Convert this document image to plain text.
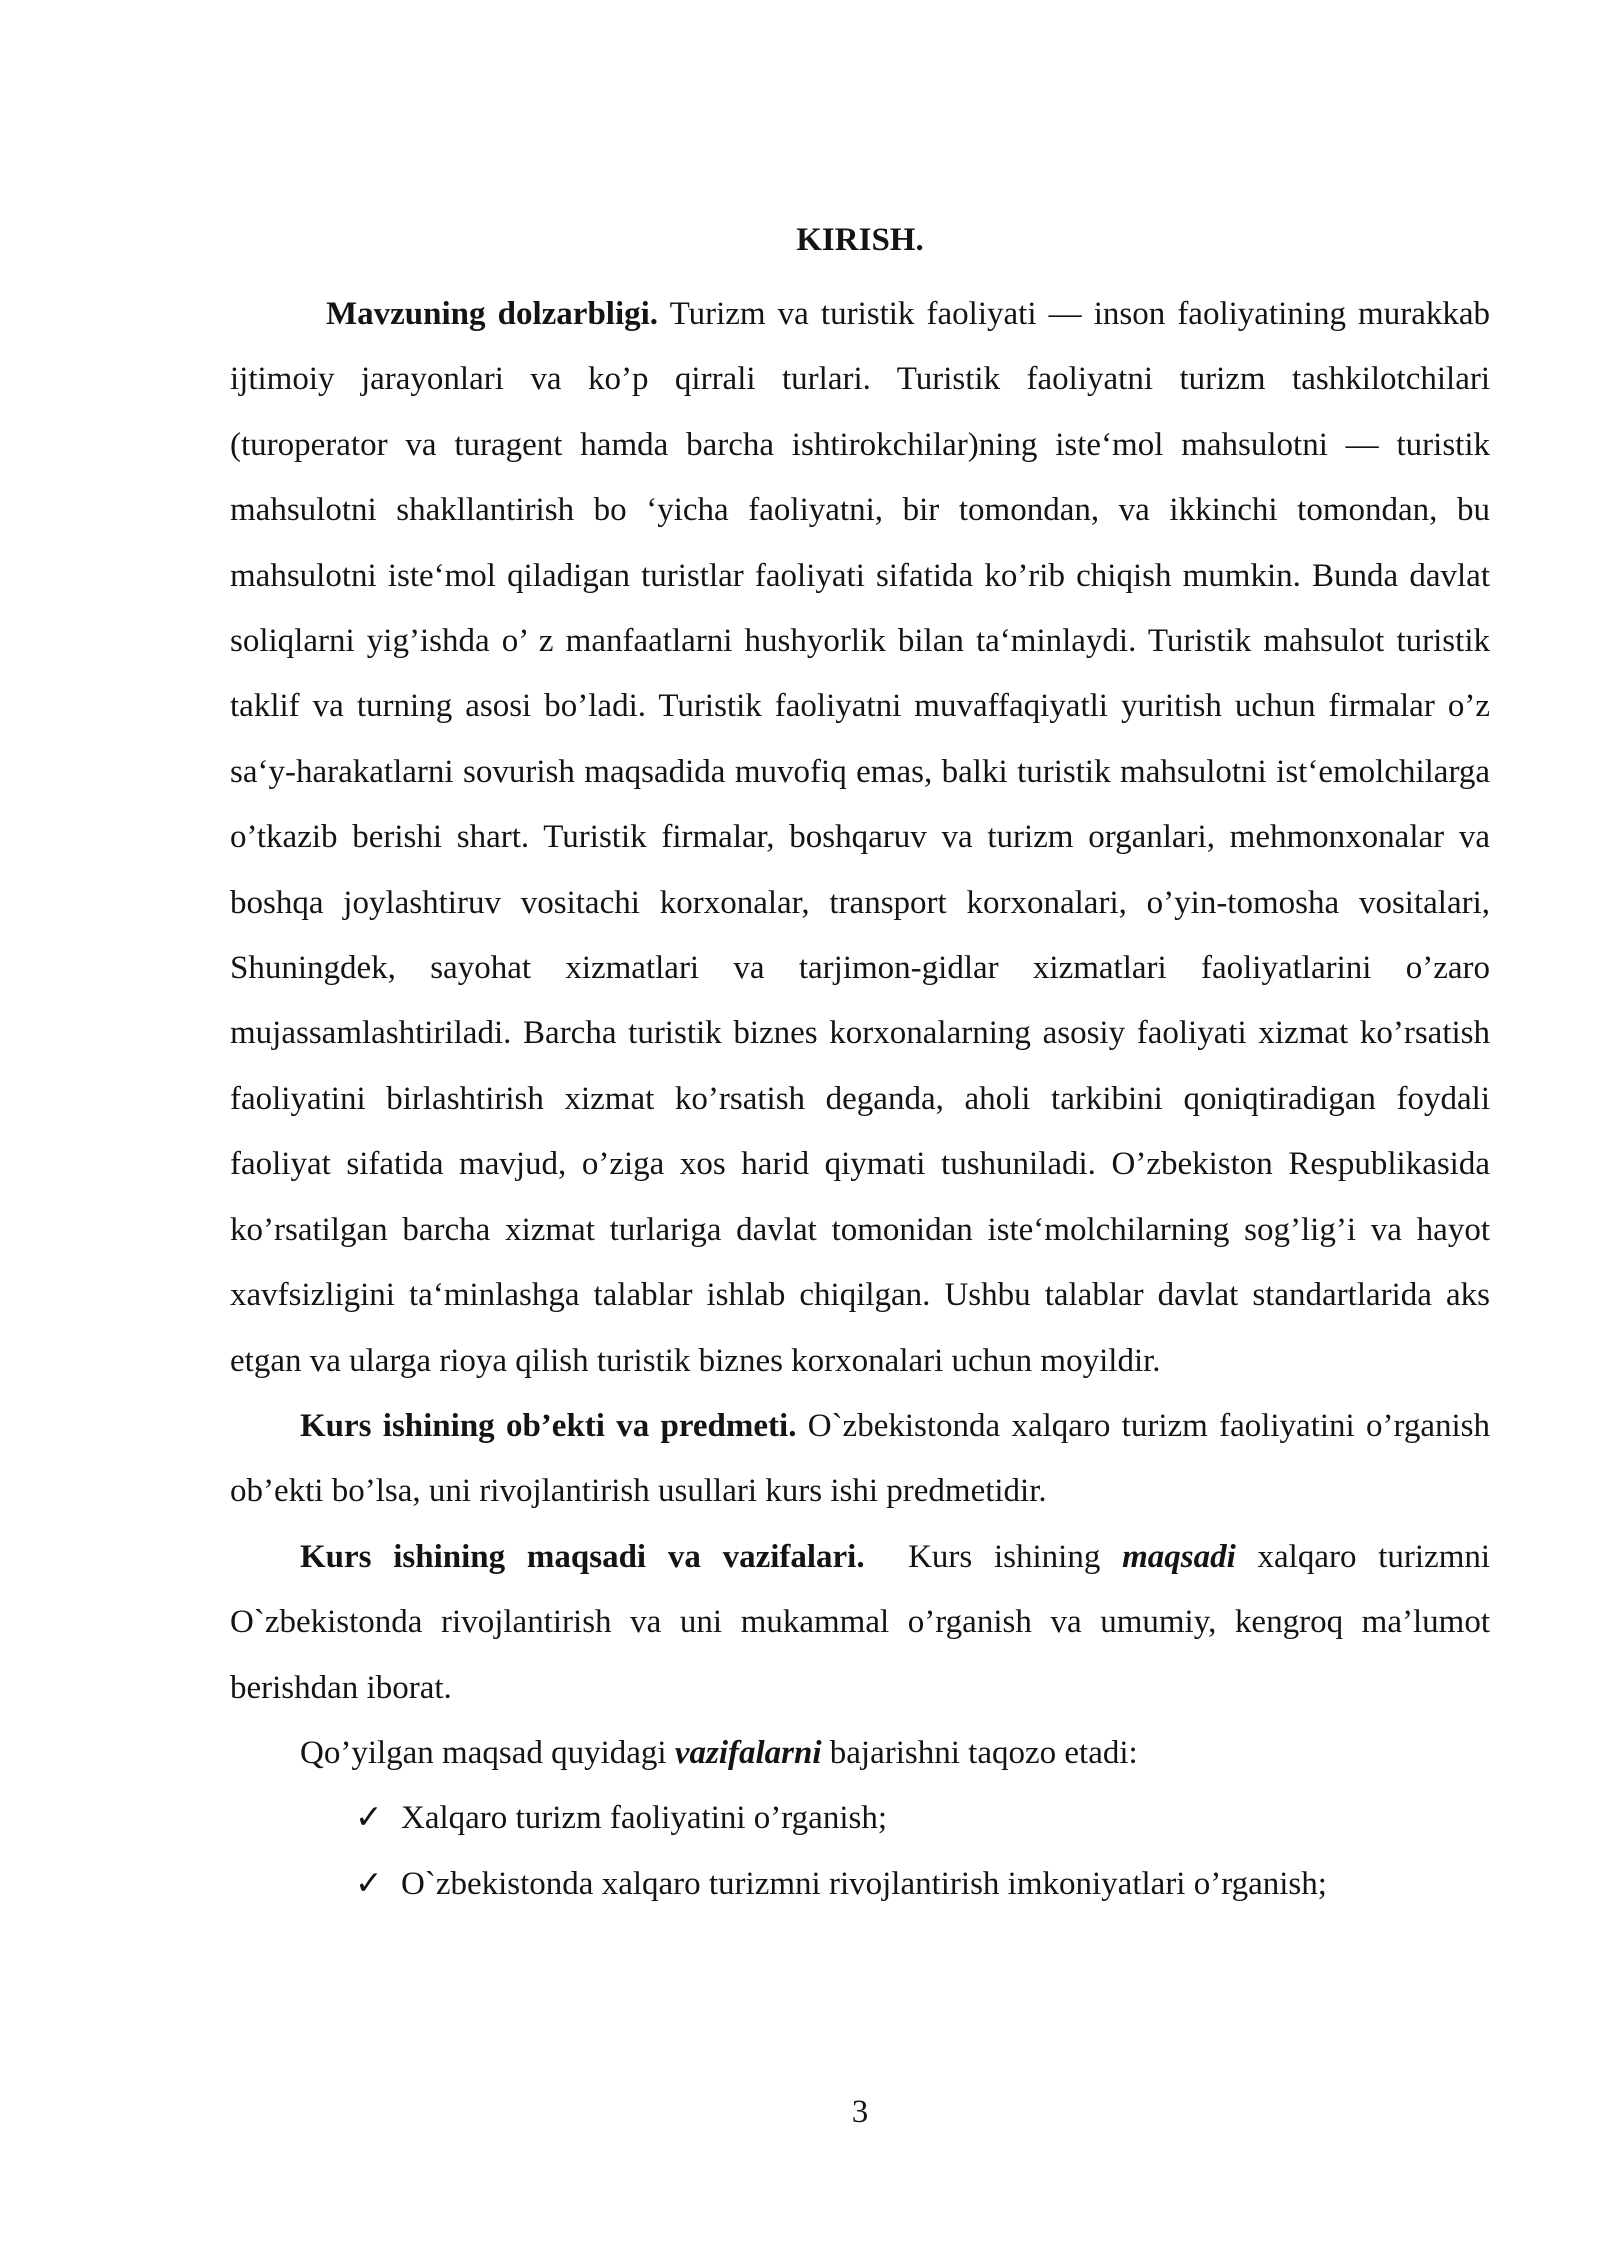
KIRISH.

Mavzuning dolzarbligi. Turizm va turistik faoliyati — inson faoliyatining murakkab ijtimoiy jarayonlari va ko’p qirrali turlari. Turistik faoliyatni turizm tashkilotchilari (turoperator va turagent hamda barcha ishtirokchilar)ning iste‘mol mahsulotni — turistik mahsulotni shakllantirish bo ‘yicha faoliyatni, bir tomondan, va ikkinchi tomondan, bu mahsulotni iste‘mol qiladigan turistlar faoliyati sifatida ko’rib chiqish mumkin. Bunda davlat soliqlarni yig’ishda o’ z manfaatlarni hushyorlik bilan ta‘minlaydi. Turistik mahsulot turistik taklif va turning asosi bo’ladi. Turistik faoliyatni muvaffaqiyatli yuritish uchun firmalar o’z sa‘y-harakatlarni sovurish maqsadida muvofiq emas, balki turistik mahsulotni ist‘emolchilarga o’tkazib berishi shart. Turistik firmalar, boshqaruv va turizm organlari, mehmonxonalar va boshqa joylashtiruv vositachi korxonalar, transport korxonalari, o’yin-tomosha vositalari, Shuningdek, sayohat xizmatlari va tarjimon-gidlar xizmatlari faoliyatlarini o’zaro mujassamlashtiriladi. Barcha turistik biznes korxonalarning asosiy faoliyati xizmat ko’rsatish faoliyatini birlashtirish xizmat ko’rsatish deganda, aholi tarkibini qoniqtiradigan foydali faoliyat sifatida mavjud, o’ziga xos harid qiymati tushuniladi. O’zbekiston Respublikasida ko’rsatilgan barcha xizmat turlariga davlat tomonidan iste‘molchilarning sog’lig’i va hayot xavfsizligini ta‘minlashga talablar ishlab chiqilgan. Ushbu talablar davlat standartlarida aks etgan va ularga rioya qilish turistik biznes korxonalari uchun moyildir.

Kurs ishining ob’ekti va predmeti. O`zbekistonda xalqaro turizm faoliyatini o’rganish ob’ekti bo’lsa, uni rivojlantirish usullari kurs ishi predmetidir.

Kurs ishining maqsadi va vazifalari. Kurs ishining maqsadi xalqaro turizmni O`zbekistonda rivojlantirish va uni mukammal o’rganish va umumiy, kengroq ma’lumot berishdan iborat.

Qo’yilgan maqsad quyidagi vazifalarni bajarishni taqozo etadi:

✓ Xalqaro turizm faoliyatini o’rganish;
✓ O`zbekistonda xalqaro turizmni rivojlantirish imkoniyatlari o’rganish;
3
